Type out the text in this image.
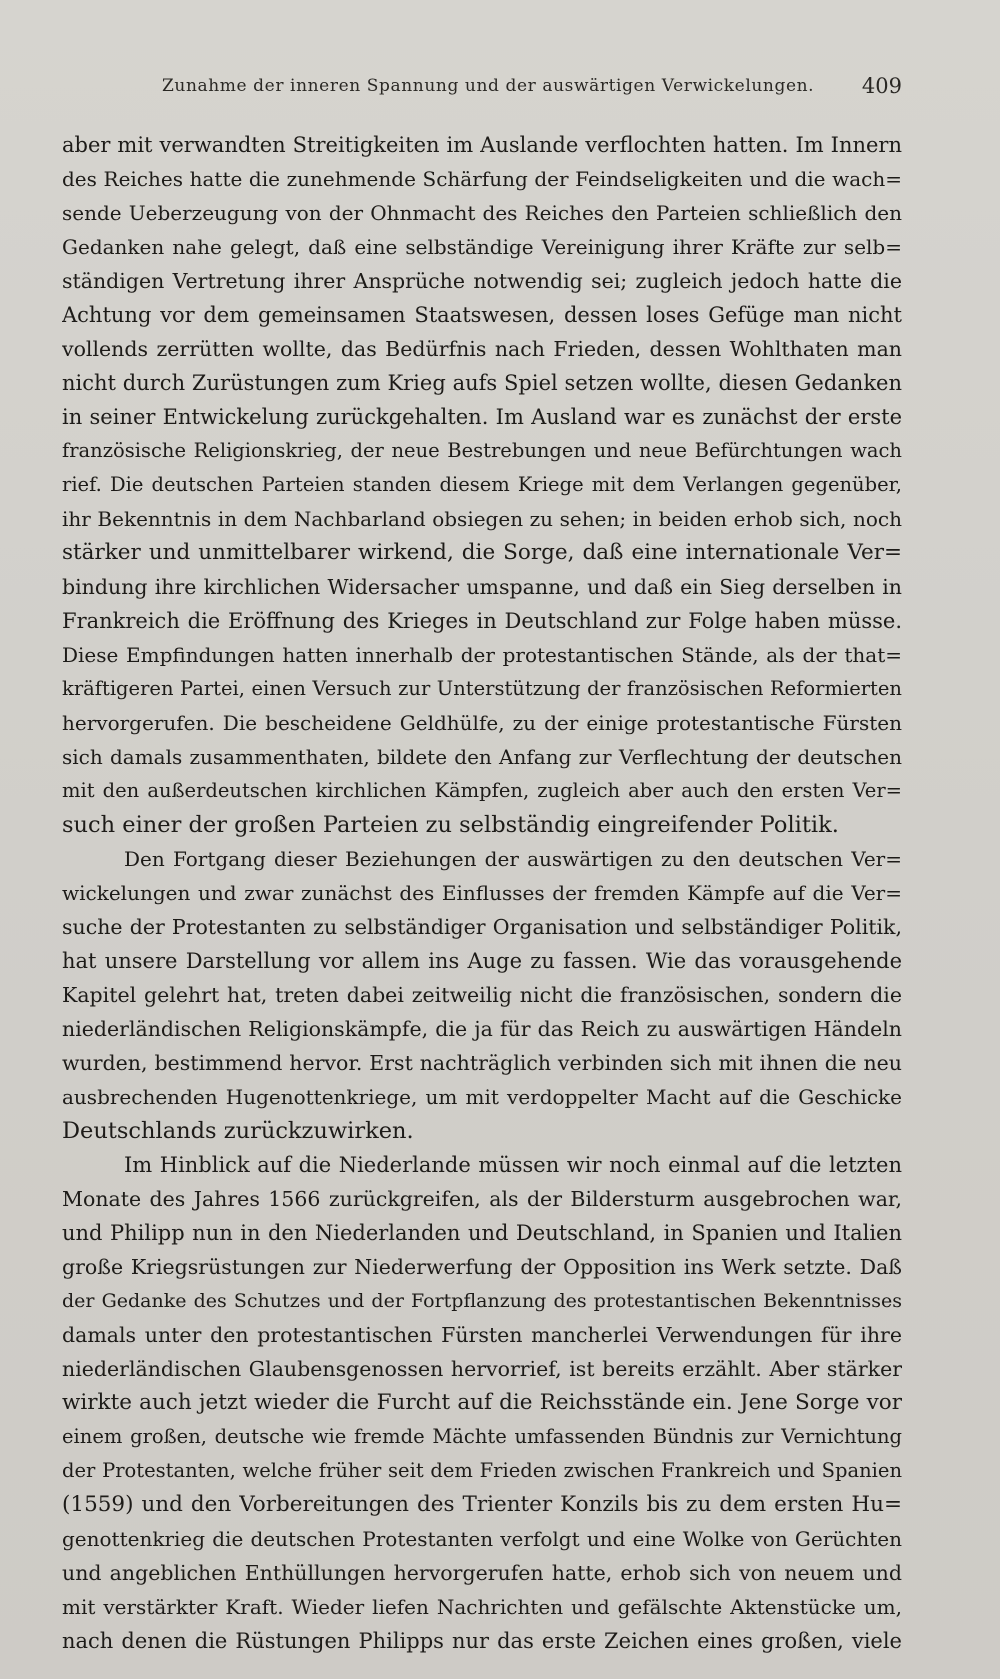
Zunahme der inneren Spannung und der auswärtigen Verwickelungen. 409
aber mit verwandten Streitigkeiten im Auslande verflochten hatten. Im Innern
des Reiches hatte die zunehmende Schärfung der Feindseligkeiten und die wach=
sende Ueberzeugung von der Ohnmacht des Reiches den Parteien schließlich den
Gedanken nahe gelegt, daß eine selbständige Vereinigung ihrer Kräfte zur selb=
ständigen Vertretung ihrer Ansprüche notwendig sei; zugleich jedoch hatte die
Achtung vor dem gemeinsamen Staatswesen, dessen loses Gefüge man nicht
vollends zerrütten wollte, das Bedürfnis nach Frieden, dessen Wohlthaten man
nicht durch Zurüstungen zum Krieg aufs Spiel setzen wollte, diesen Gedanken
in seiner Entwickelung zurückgehalten. Im Ausland war es zunächst der erste
französische Religionskrieg, der neue Bestrebungen und neue Befürchtungen wach
rief. Die deutschen Parteien standen diesem Kriege mit dem Verlangen gegenüber,
ihr Bekenntnis in dem Nachbarland obsiegen zu sehen; in beiden erhob sich, noch
stärker und unmittelbarer wirkend, die Sorge, daß eine internationale Ver=
bindung ihre kirchlichen Widersacher umspanne, und daß ein Sieg derselben in
Frankreich die Eröffnung des Krieges in Deutschland zur Folge haben müsse.
Diese Empfindungen hatten innerhalb der protestantischen Stände, als der that=
kräftigeren Partei, einen Versuch zur Unterstützung der französischen Reformierten
hervorgerufen. Die bescheidene Geldhülfe, zu der einige protestantische Fürsten
sich damals zusammenthaten, bildete den Anfang zur Verflechtung der deutschen
mit den außerdeutschen kirchlichen Kämpfen, zugleich aber auch den ersten Ver=
such einer der großen Parteien zu selbständig eingreifender Politik.
Den Fortgang dieser Beziehungen der auswärtigen zu den deutschen Ver=
wickelungen und zwar zunächst des Einflusses der fremden Kämpfe auf die Ver=
suche der Protestanten zu selbständiger Organisation und selbständiger Politik,
hat unsere Darstellung vor allem ins Auge zu fassen. Wie das vorausgehende
Kapitel gelehrt hat, treten dabei zeitweilig nicht die französischen, sondern die
niederländischen Religionskämpfe, die ja für das Reich zu auswärtigen Händeln
wurden, bestimmend hervor. Erst nachträglich verbinden sich mit ihnen die neu
ausbrechenden Hugenottenkriege, um mit verdoppelter Macht auf die Geschicke
Deutschlands zurückzuwirken.
Im Hinblick auf die Niederlande müssen wir noch einmal auf die letzten
Monate des Jahres 1566 zurückgreifen, als der Bildersturm ausgebrochen war,
und Philipp nun in den Niederlanden und Deutschland, in Spanien und Italien
große Kriegsrüstungen zur Niederwerfung der Opposition ins Werk setzte. Daß
der Gedanke des Schutzes und der Fortpflanzung des protestantischen Bekenntnisses
damals unter den protestantischen Fürsten mancherlei Verwendungen für ihre
niederländischen Glaubensgenossen hervorrief, ist bereits erzählt. Aber stärker
wirkte auch jetzt wieder die Furcht auf die Reichsstände ein. Jene Sorge vor
einem großen, deutsche wie fremde Mächte umfassenden Bündnis zur Vernichtung
der Protestanten, welche früher seit dem Frieden zwischen Frankreich und Spanien
(1559) und den Vorbereitungen des Trienter Konzils bis zu dem ersten Hu=
genottenkrieg die deutschen Protestanten verfolgt und eine Wolke von Gerüchten
und angeblichen Enthüllungen hervorgerufen hatte, erhob sich von neuem und
mit verstärkter Kraft. Wieder liefen Nachrichten und gefälschte Aktenstücke um,
nach denen die Rüstungen Philipps nur das erste Zeichen eines großen, viele
